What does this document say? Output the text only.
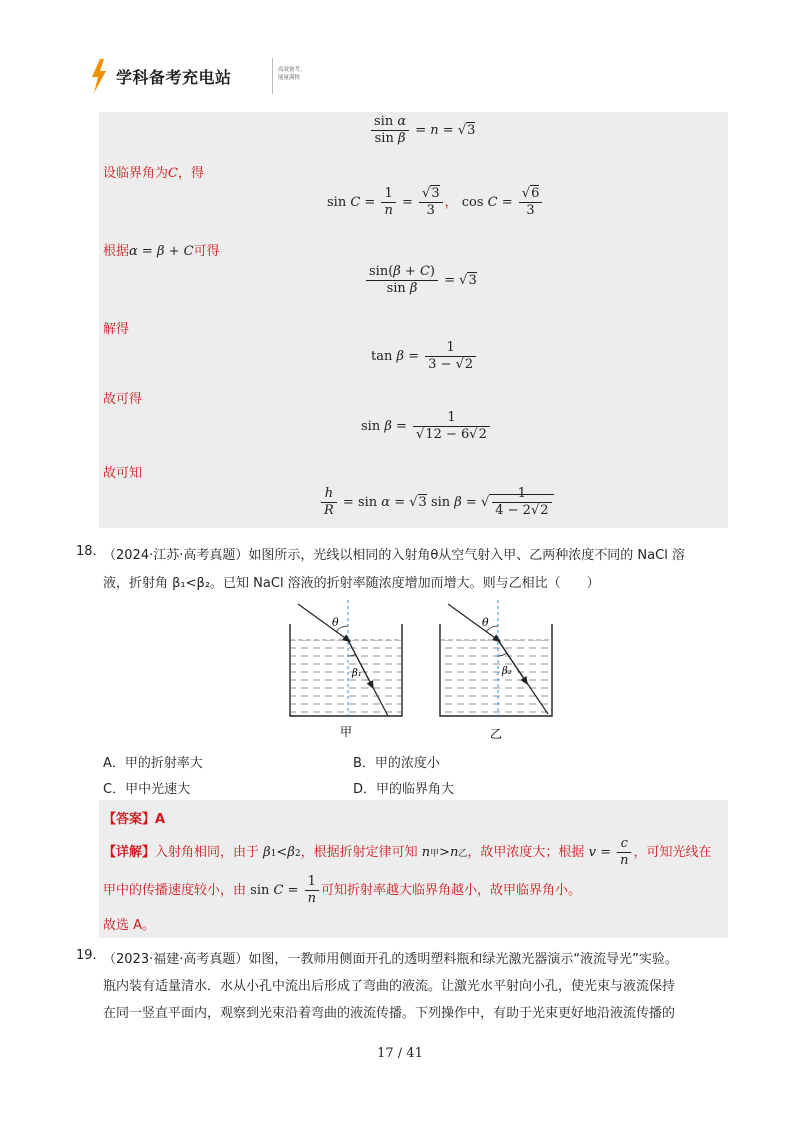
学科备考充电站	高效备考，能量满格
$\frac{\text{sin α}}{\text{sin β}} = n = √3$
设临界角为C，得
$\sin C = \frac{1}{n} = \frac{√3}{3}$ ， $\cos C = \frac{√6}{3}$
根据α = β + C可得
$\frac{\sin(\beta + C)}{\text{sin β}} = √3$
解得
$\tan \beta = \frac{1}{3 - √2}$
故可得
$\sin \beta = \frac{1}{√12 - 6√2}$
故可知
$\frac{h}{R} = \sin \alpha = √3$ sin β = √ $\frac{1}{4 - 2√2}$
18. （2024·江苏·高考真题）如图所示，光线以相同的入射角θ从空气射入甲、乙两种浓度不同的 NaCl 溶
液，折射角 β₁<β₂。已知 NaCl 溶液的折射率随浓度增加而增大。则与乙相比（　　）
θ
β₁
θ
β₂
甲	乙
A．甲的折射率大	B．甲的浓度小
C．甲中光速大	D．甲的临界角大
【答案】A
【详解】入射角相同，由于 β1<β2，根据折射定律可知 n甲>n乙，故甲浓度大；根据 $v = \frac{c}{n}$ ，可知光线在
甲中的传播速度较小，由 $\sin C = \frac{1}{n}$ 可知折射率越大临界角越小，故甲临界角小。
故选 A。
19. （2023·福建·高考真题）如图，一教师用侧面开孔的透明塑料瓶和绿光激光器演示“液流导光”实验。
瓶内装有适量清水．水从小孔中流出后形成了弯曲的液流。让激光水平射向小孔，使光束与液流保持
在同一竖直平面内，观察到光束沿着弯曲的液流传播。下列操作中，有助于光束更好地沿液流传播的
17 / 41
